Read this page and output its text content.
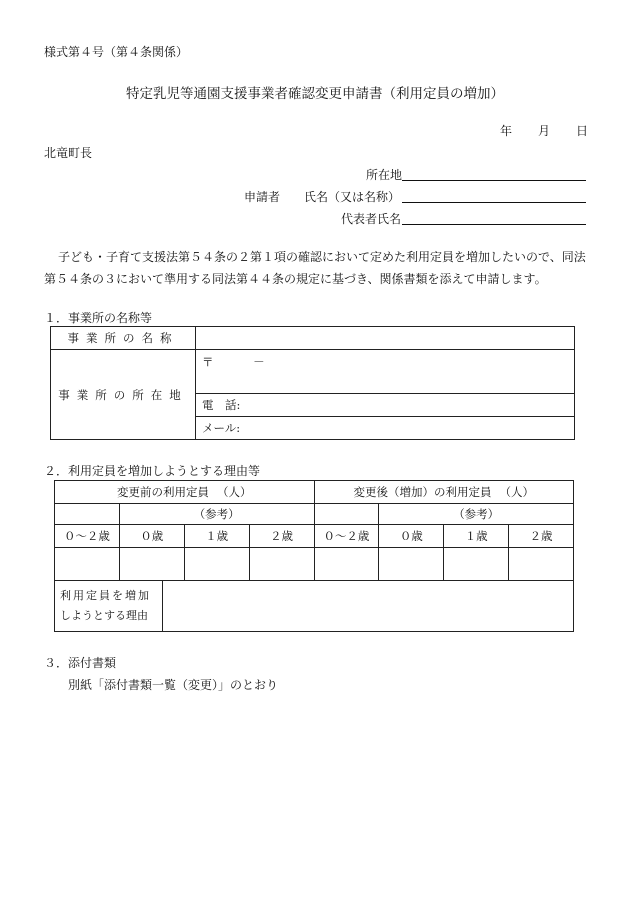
様式第４号（第４条関係）
特定乳児等通園支援事業者確認変更申請書（利用定員の増加）
年 月 日
北竜町長
所在地
申請者 氏名（又は名称）
代表者氏名
子ども・子育て支援法第５４条の２第１項の確認において定めた利用定員を増加したいので、同法
第５４条の３において準用する同法第４４条の規定に基づき、関係書類を添えて申請します。
１．事業所の名称等
事業所の名称	
事業所の所在地	〒 －
	電　話:
	メール:
２．利用定員を増加しようとする理由等
変更前の利用定員 （人）				変更後（増加）の利用定員 （人）			
	（参考）				（参考）		

０～２歳	０歳	１歳	２歳	０～２歳	０歳	１歳	２歳

利用定員を増加
しようとする理由							
３．添付書類
別紙「添付書類一覧（変更）」のとおり
